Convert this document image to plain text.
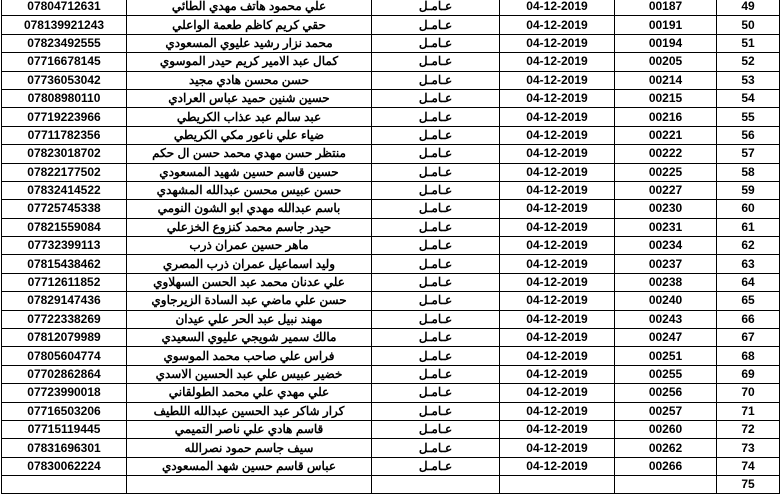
07804712631	علي محمود هاتف مهدي الطائي	عـامـل	04-12-2019	00187	49
078139921243	حقي كريم كاظم طعمة الواعلي	عـامـل	04-12-2019	00191	50
07823492555	محمد نزار رشيد عليوي المسعودي	عـامـل	04-12-2019	00194	51
07716678145	كمال عبد الامير كريم حيدر الموسوي	عـامـل	04-12-2019	00205	52
07736053042	حسن محسن هادي مجيد	عـامـل	04-12-2019	00214	53
07808980110	حسين شنين حميد عباس العرادي	عـامـل	04-12-2019	00215	54
07719223966	عبد سالم عبد عذاب الكريطي	عـامـل	04-12-2019	00216	55
07711782356	ضياء علي ناعور مكي الكريطي	عـامـل	04-12-2019	00221	56
07823018702	منتظر حسن مهدي محمد حسن ال حكم	عـامـل	04-12-2019	00222	57
07822177502	حسين قاسم حسين شهيد المسعودي	عـامـل	04-12-2019	00225	58
07832414522	حسن عبيس محسن عبدالله المشهدي	عـامـل	04-12-2019	00227	59
07725745338	باسم عبدالله مهدي ابو الشون النومي	عـامـل	04-12-2019	00230	60
07821559084	حيدر جاسم محمد كنزوع الخزعلي	عـامـل	04-12-2019	00231	61
07732399113	ماهر حسين عمران ذرب	عـامـل	04-12-2019	00234	62
07815438462	وليد اسماعيل عمران ذرب المصري	عـامـل	04-12-2019	00237	63
07712611852	علي عدنان محمد عبد الحسن السهلاوي	عـامـل	04-12-2019	00238	64
07829147436	حسن علي ماضي عبد السادة الزيرجاوي	عـامـل	04-12-2019	00240	65
07722338269	مهند نبيل عبد الحر علي عيدان	عـامـل	04-12-2019	00243	66
07812079989	مالك سمير شويجي عليوي السعيدي	عـامـل	04-12-2019	00247	67
07805604774	فراس علي صاحب محمد الموسوي	عـامـل	04-12-2019	00251	68
07702862864	خضير عبيس علي عبد الحسين الاسدي	عـامـل	04-12-2019	00255	69
07723990018	علي مهدي علي محمد الطولقاني	عـامـل	04-12-2019	00256	70
07716503206	كرار شاكر عبد الحسين عبدالله اللطيف	عـامـل	04-12-2019	00257	71
07715119445	قاسم هادي علي ناصر التميمي	عـامـل	04-12-2019	00260	72
07831696301	سيف جاسم حمود نصرالله	عـامـل	04-12-2019	00262	73
07830062224	عباس قاسم حسين شهد المسعودي	عـامـل	04-12-2019	00266	74
					75
